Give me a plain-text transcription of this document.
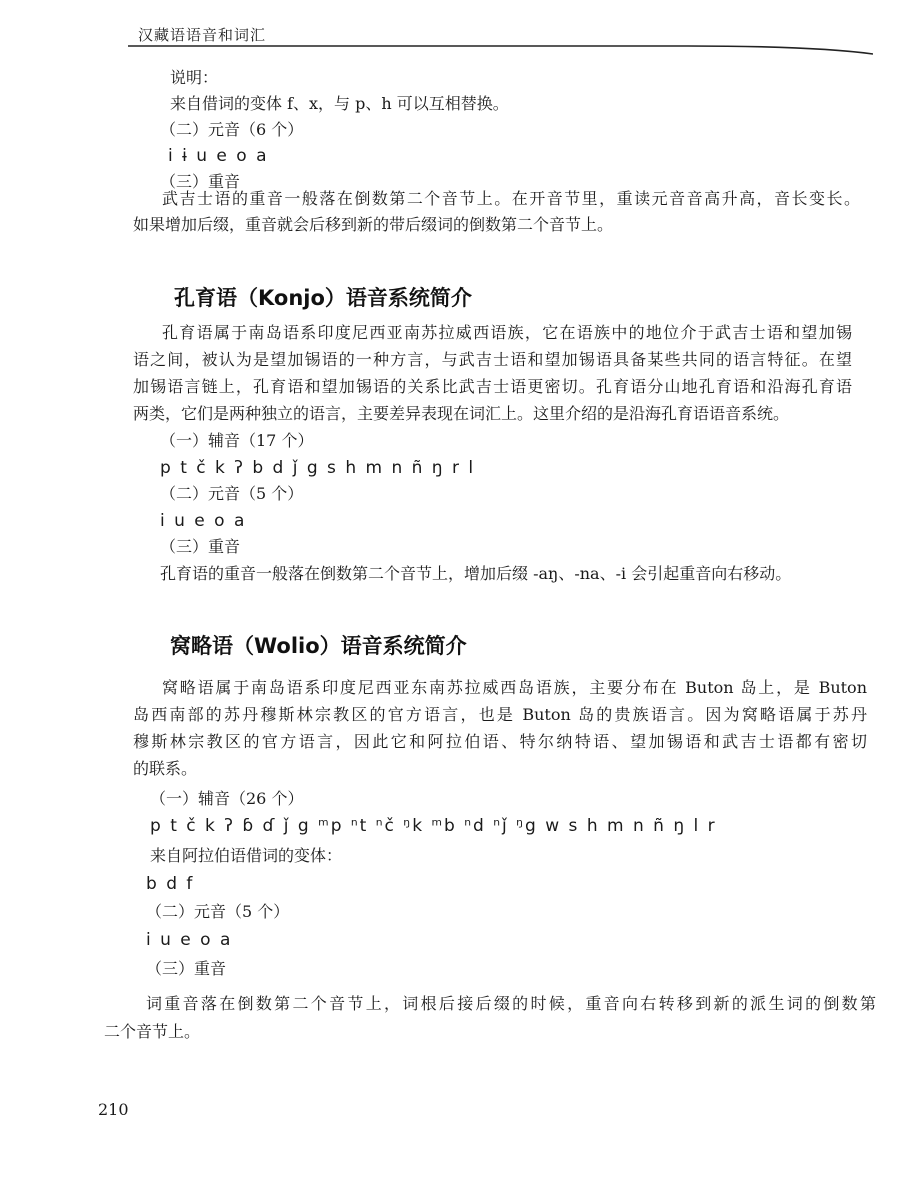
汉藏语语音和词汇
说明：
来自借词的变体 f、x，与 p、h 可以互相替换。
（二）元音（6 个）
i ɨ u e o a
（三）重音
武吉士语的重音一般落在倒数第二个音节上。在开音节里，重读元音音高升高，音长变长。
如果增加后缀，重音就会后移到新的带后缀词的倒数第二个音节上。
孔育语（Konjo）语音系统简介
孔育语属于南岛语系印度尼西亚南苏拉威西语族，它在语族中的地位介于武吉士语和望加锡
语之间，被认为是望加锡语的一种方言，与武吉士语和望加锡语具备某些共同的语言特征。在望
加锡语言链上，孔育语和望加锡语的关系比武吉士语更密切。孔育语分山地孔育语和沿海孔育语
两类，它们是两种独立的语言，主要差异表现在词汇上。这里介绍的是沿海孔育语语音系统。
（一）辅音（17 个）
p t č k ʔ b d ǰ g s h m n ñ ŋ r l
（二）元音（5 个）
i u e o a
（三）重音
孔育语的重音一般落在倒数第二个音节上，增加后缀 -aŋ、-na、-i 会引起重音向右移动。
窝略语（Wolio）语音系统简介
窝略语属于南岛语系印度尼西亚东南苏拉威西岛语族，主要分布在 Buton 岛上，是 Buton
岛西南部的苏丹穆斯林宗教区的官方语言，也是 Buton 岛的贵族语言。因为窝略语属于苏丹
穆斯林宗教区的官方语言，因此它和阿拉伯语、特尔纳特语、望加锡语和武吉士语都有密切
的联系。
（一）辅音（26 个）
p t č k ʔ ɓ ɗ ǰ g ᵐp ⁿt ⁿč ᵑk ᵐb ⁿd ⁿǰ ᵑg w s h m n ñ ŋ l r
来自阿拉伯语借词的变体：
b d f
（二）元音（5 个）
i u e o a
（三）重音
词重音落在倒数第二个音节上，词根后接后缀的时候，重音向右转移到新的派生词的倒数第
二个音节上。
210
